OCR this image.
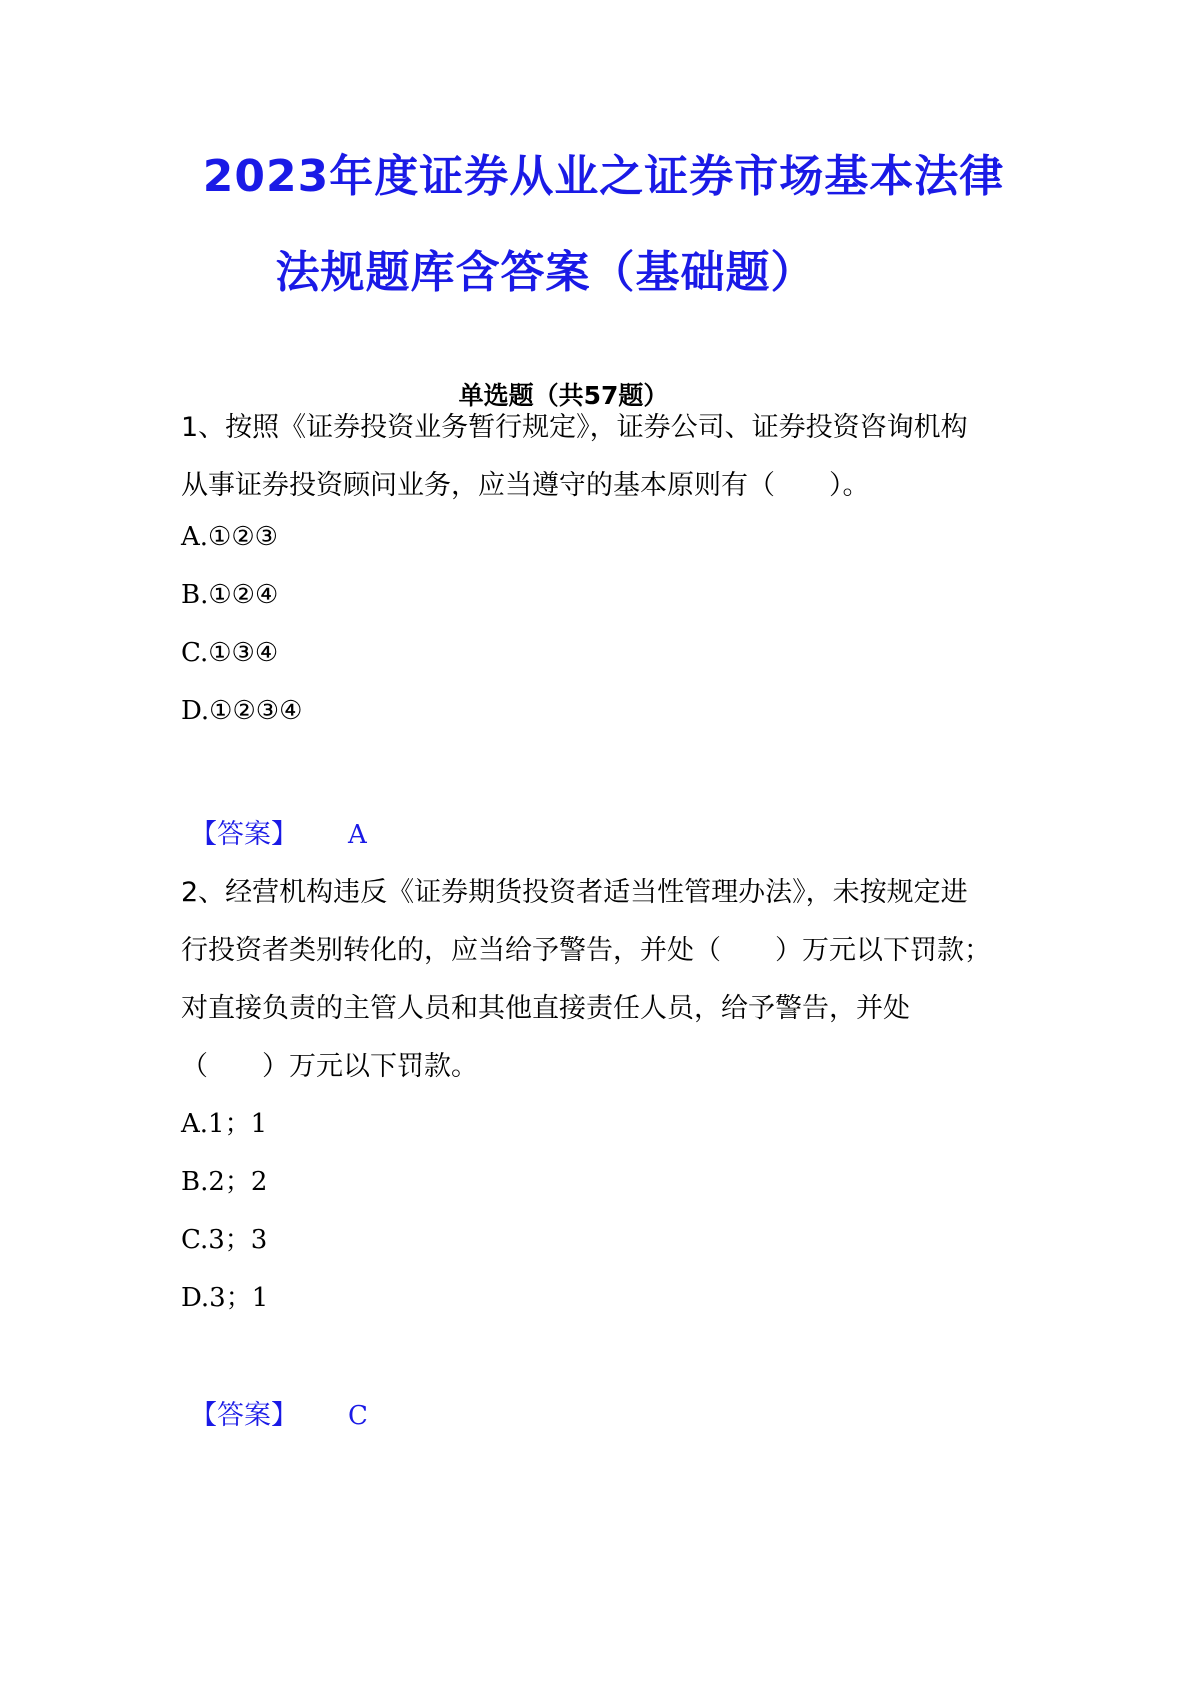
2023年度证券从业之证券市场基本法律
法规题库含答案（基础题）
单选题（共57题）
1、按照《证券投资业务暂行规定》，证券公司、证券投资咨询机构
从事证券投资顾问业务，应当遵守的基本原则有（　　）。
A.①②③
B.①②④
C.①③④
D.①②③④
【答案】 A
2、经营机构违反《证券期货投资者适当性管理办法》，未按规定进
行投资者类别转化的，应当给予警告，并处（　　）万元以下罚款；
对直接负责的主管人员和其他直接责任人员，给予警告，并处
（　　）万元以下罚款。
A.1；1
B.2；2
C.3；3
D.3；1
【答案】 C
